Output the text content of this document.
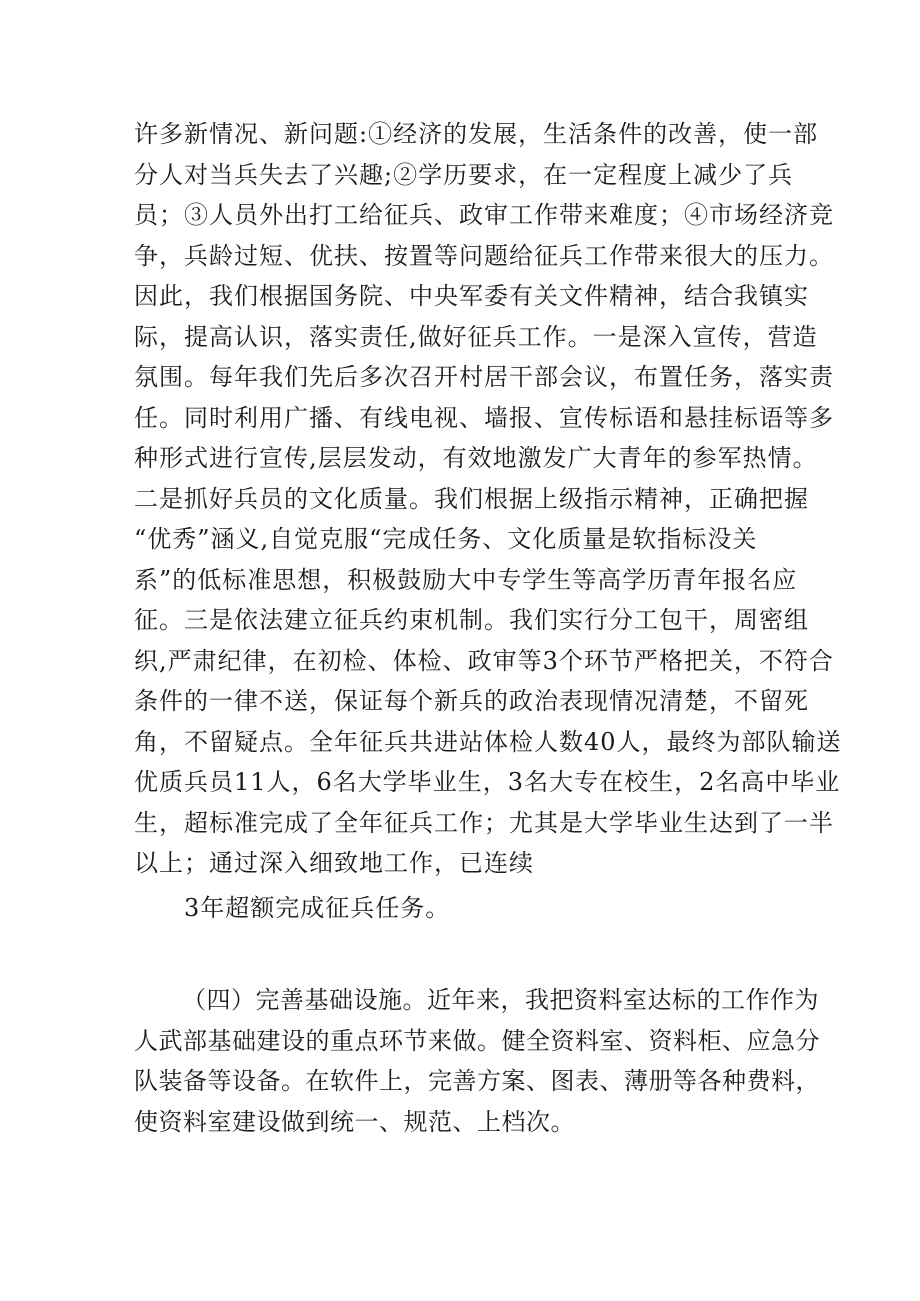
许多新情况、新问题:①经济的发展，生活条件的改善，使一部
分人对当兵失去了兴趣;②学历要求，在一定程度上减少了兵
员；③人员外出打工给征兵、政审工作带来难度；④市场经济竞
争，兵龄过短、优扶、按置等问题给征兵工作带来很大的压力。
因此，我们根据国务院、中央军委有关文件精神，结合我镇实
际，提高认识，落实责任,做好征兵工作。一是深入宣传，营造
氛围。每年我们先后多次召开村居干部会议，布置任务，落实责
任。同时利用广播、有线电视、墙报、宣传标语和悬挂标语等多
种形式进行宣传,层层发动，有效地激发广大青年的参军热情。
二是抓好兵员的文化质量。我们根据上级指示精神，正确把握
“优秀”涵义,自觉克服“完成任务、文化质量是软指标没关
系”的低标准思想，积极鼓励大中专学生等高学历青年报名应
征。三是依法建立征兵约束机制。我们实行分工包干，周密组
织,严肃纪律，在初检、体检、政审等3个环节严格把关，不符合
条件的一律不送，保证每个新兵的政治表现情况清楚，不留死
角，不留疑点。全年征兵共进站体检人数40人，最终为部队输送
优质兵员11人，6名大学毕业生，3名大专在校生，2名高中毕业
生，超标准完成了全年征兵工作；尤其是大学毕业生达到了一半
以上；通过深入细致地工作，已连续
3年超额完成征兵任务。
（四）完善基础设施。近年来，我把资料室达标的工作作为
人武部基础建设的重点环节来做。健全资料室、资料柜、应急分
队装备等设备。在软件上，完善方案、图表、薄册等各种费料，
使资料室建设做到统一、规范、上档次。
